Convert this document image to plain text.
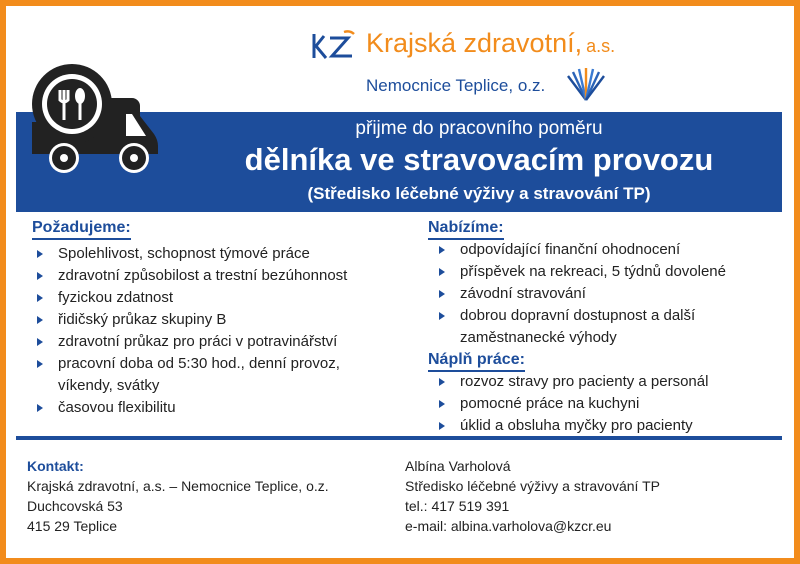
Krajská zdravotní, a.s.
Nemocnice Teplice, o.z.
přijme do pracovního poměru
dělníka ve stravovacím provozu
(Středisko léčebné výživy a stravování TP)
Požadujeme:
Spolehlivost, schopnost týmové práce
zdravotní způsobilost a trestní bezúhonnost
fyzickou zdatnost
řidičský průkaz skupiny B
zdravotní průkaz pro práci v potravinářství
pracovní doba od 5:30 hod., denní provoz, víkendy, svátky
časovou flexibilitu
Nabízíme:
odpovídající finanční ohodnocení
příspěvek na rekreaci, 5 týdnů dovolené
závodní stravování
dobrou dopravní dostupnost a další zaměstnanecké výhody
Náplň práce:
rozvoz stravy pro pacienty a personál
pomocné práce na kuchyni
úklid a obsluha myčky pro pacienty
Kontakt:
Krajská zdravotní, a.s. – Nemocnice Teplice, o.z.
Duchcovská 53
415 29 Teplice
Albína Varholová
Středisko léčebné výživy a stravování TP
tel.: 417 519 391
e-mail: albina.varholova@kzcr.eu
